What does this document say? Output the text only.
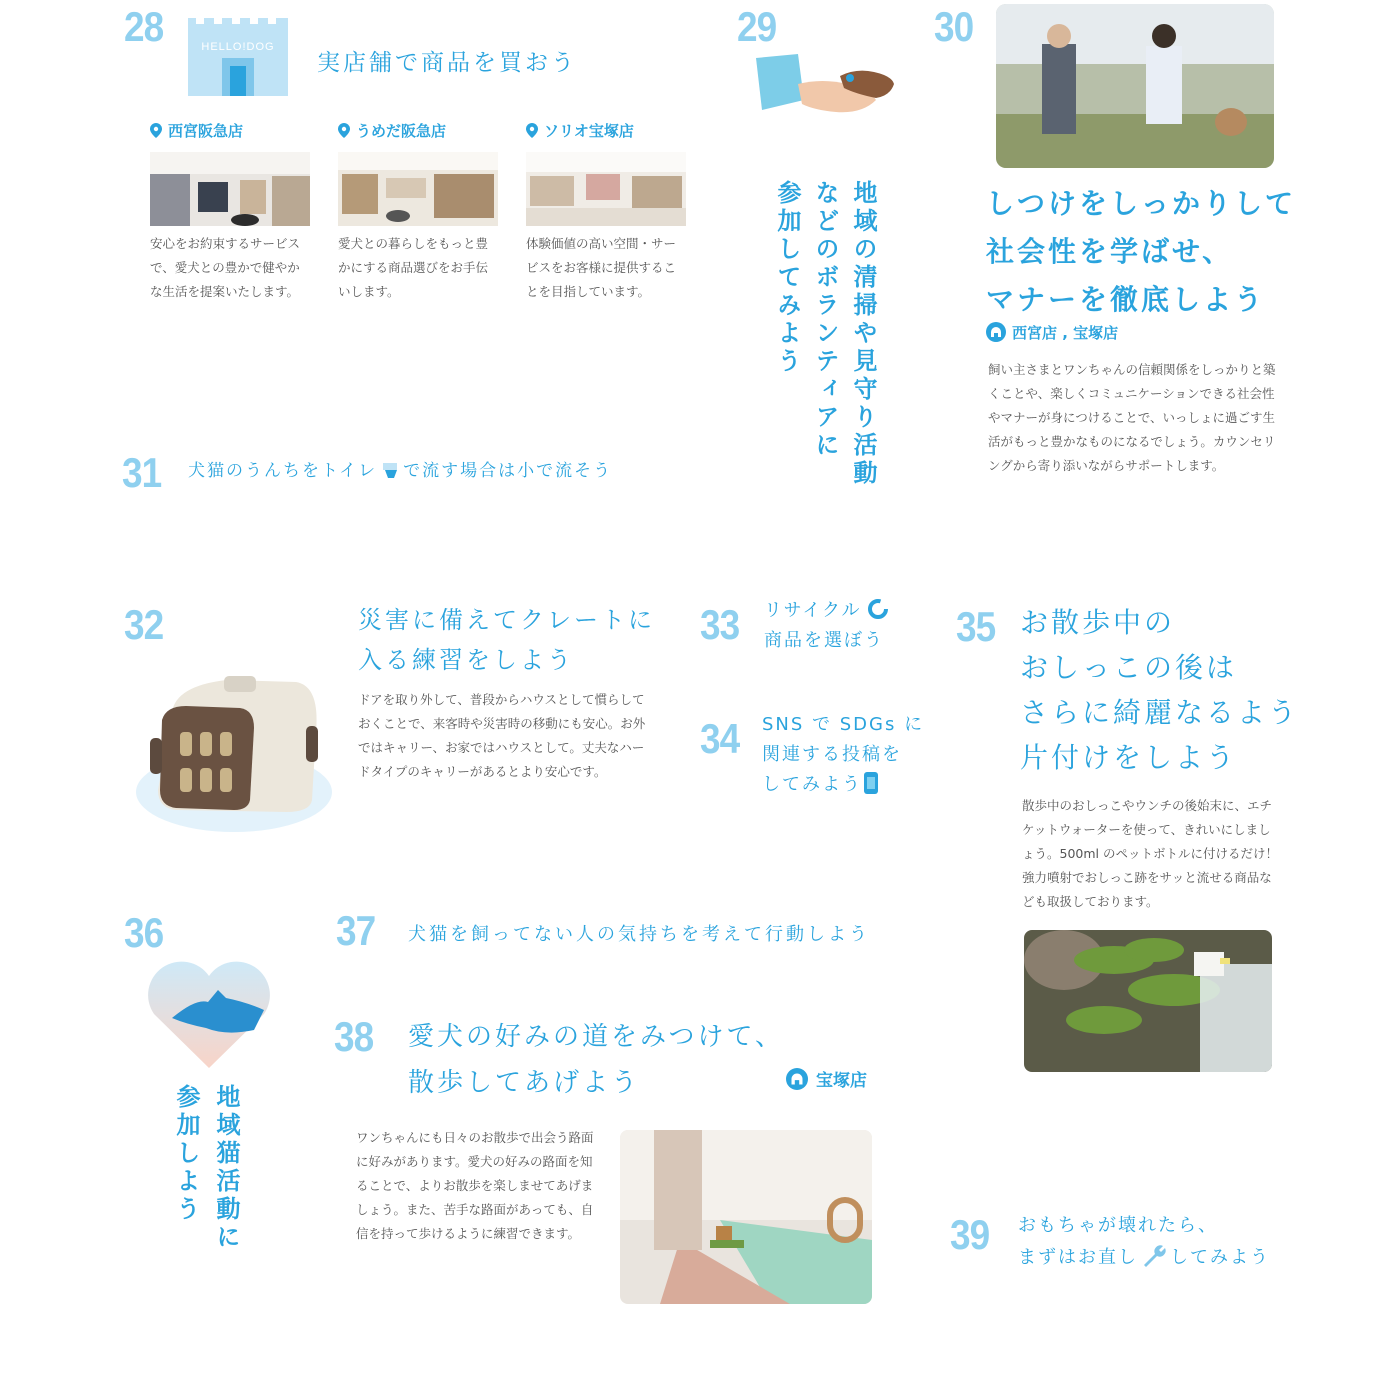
28	HELLO!DOG
実店舗で商品を買おう
西宮阪急店
安心をお約束するサービスで、愛犬との豊かで健やかな生活を提案いたします。
うめだ阪急店
愛犬との暮らしをもっと豊かにする商品選びをお手伝いします。
ソリオ宝塚店
体験価値の高い空間・サービスをお客様に提供することを目指しています。
29
地域の清掃や見守り活動
などのボランティアに
参加してみよう
30
しつけをしっかりして
社会性を学ばせ、
マナーを徹底しよう
西宮店 , 宝塚店
飼い主さまとワンちゃんの信頼関係をしっかりと築くことや、楽しくコミュニケーションできる社会性やマナーが身につけることで、いっしょに過ごす生活がもっと豊かなものになるでしょう。カウンセリングから寄り添いながらサポートします。
31 犬猫のうんちをトイレ で流す場合は小で流そう
32	災害に備えてクレートに
入る練習をしよう
ドアを取り外して、普段からハウスとして慣らしておくことで、来客時や災害時の移動にも安心。お外ではキャリー、お家ではハウスとして。丈夫なハードタイプのキャリーがあるとより安心です。
33 リサイクル
商品を選ぼう
34 SNS で SDGs に
関連する投稿を
してみよう
35 お散歩中の
おしっこの後は
さらに綺麗なるよう
片付けをしよう
散歩中のおしっこやウンチの後始末に、エチケットウォーターを使って、きれいにしましょう。500ml のペットボトルに付けるだけ！ 強力噴射でおしっこ跡をサッと流せる商品なども取扱しております。
36
地域猫活動に
参加しよう
37 犬猫を飼ってない人の気持ちを考えて行動しよう
38 愛犬の好みの道をみつけて、
散歩してあげよう	宝塚店
ワンちゃんにも日々のお散歩で出会う路面に好みがあります。愛犬の好みの路面を知ることで、よりお散歩を楽しませてあげましょう。また、苦手な路面があっても、自信を持って歩けるように練習できます。	39 おもちゃが壊れたら、
まずはお直し してみよう
